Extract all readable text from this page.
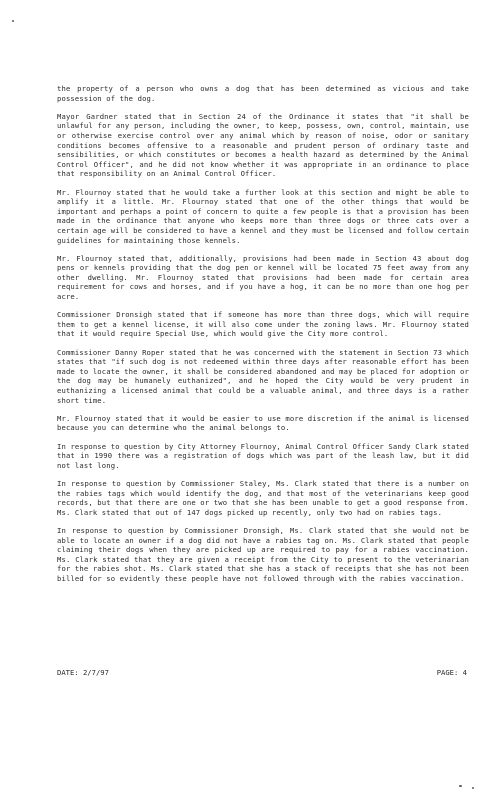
the property of a person who owns a dog that has been determined as vicious and take possession of the dog.

Mayor Gardner stated that in Section 24 of the Ordinance it states that "it shall be unlawful for any person, including the owner, to keep, possess, own, control, maintain, use or otherwise exercise control over any animal which by reason of noise, odor or sanitary conditions becomes offensive to a reasonable and prudent person of ordinary taste and sensibilities, or which constitutes or becomes a health hazard as determined by the Animal Control Officer", and he did not know whether it was appropriate in an ordinance to place that responsibility on an Animal Control Officer.

Mr. Flournoy stated that he would take a further look at this section and might be able to amplify it a little. Mr. Flournoy stated that one of the other things that would be important and perhaps a point of concern to quite a few people is that a provision has been made in the ordinance that anyone who keeps more than three dogs or three cats over a certain age will be considered to have a kennel and they must be licensed and follow certain guidelines for maintaining those kennels.

Mr. Flournoy stated that, additionally, provisions had been made in Section 43 about dog pens or kennels providing that the dog pen or kennel will be located 75 feet away from any other dwelling. Mr. Flournoy stated that provisions had been made for certain area requirement for cows and horses, and if you have a hog, it can be no more than one hog per acre.

Commissioner Dronsigh stated that if someone has more than three dogs, which will require them to get a kennel license, it will also come under the zoning laws. Mr. Flournoy stated that it would require Special Use, which would give the City more control.

Commissioner Danny Roper stated that he was concerned with the statement in Section 73 which states that "if such dog is not redeemed within three days after reasonable effort has been made to locate the owner, it shall be considered abandoned and may be placed for adoption or the dog may be humanely euthanized", and he hoped the City would be very prudent in euthanizing a licensed animal that could be a valuable animal, and three days is a rather short time.

Mr. Flournoy stated that it would be easier to use more discretion if the animal is licensed because you can determine who the animal belongs to.

In response to question by City Attorney Flournoy, Animal Control Officer Sandy Clark stated that in 1990 there was a registration of dogs which was part of the leash law, but it did not last long.

In response to question by Commissioner Staley, Ms. Clark stated that there is a number on the rabies tags which would identify the dog, and that most of the veterinarians keep good records, but that there are one or two that she has been unable to get a good response from. Ms. Clark stated that out of 147 dogs picked up recently, only two had on rabies tags.

In response to question by Commissioner Dronsigh, Ms. Clark stated that she would not be able to locate an owner if a dog did not have a rabies tag on. Ms. Clark stated that people claiming their dogs when they are picked up are required to pay for a rabies vaccination. Ms. Clark stated that they are given a receipt from the City to present to the veterinarian for the rabies shot. Ms. Clark stated that she has a stack of receipts that she has not been billed for so evidently these people have not followed through with the rabies vaccination.

DATE: 2/7/97	PAGE: 4
